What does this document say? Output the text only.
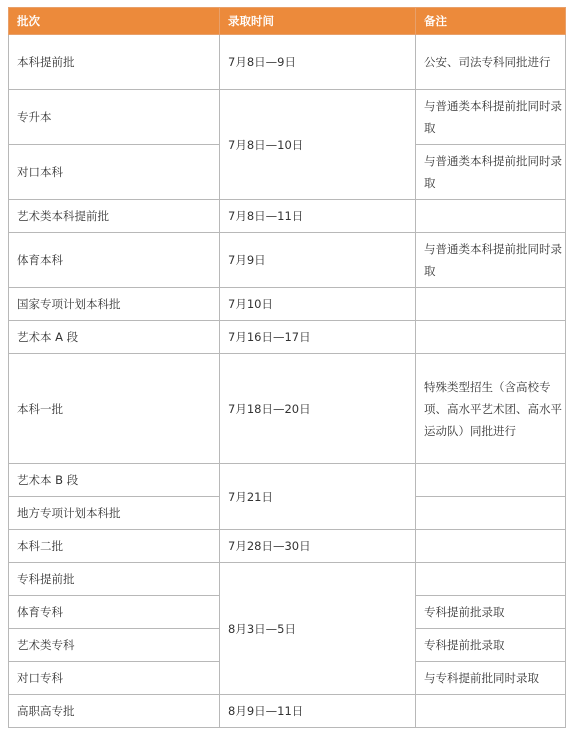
批次	录取时间	备注
本科提前批	7月8日—9日	公安、司法专科同批进行
专升本	7月8日—10日	与普通类本科提前批同时录取
对口本科		与普通类本科提前批同时录取
艺术类本科提前批	7月8日—11日	
体育本科	7月9日	与普通类本科提前批同时录取
国家专项计划本科批	7月10日	
艺术本 A 段	7月16日—17日	
本科一批	7月18日—20日	特殊类型招生（含高校专项、高水平艺术团、高水平运动队）同批进行
艺术本 B 段	7月21日	
地方专项计划本科批		
本科二批	7月28日—30日	
专科提前批	8月3日—5日	
体育专科		专科提前批录取
艺术类专科		专科提前批录取
对口专科		与专科提前批同时录取
高职高专批	8月9日—11日	
